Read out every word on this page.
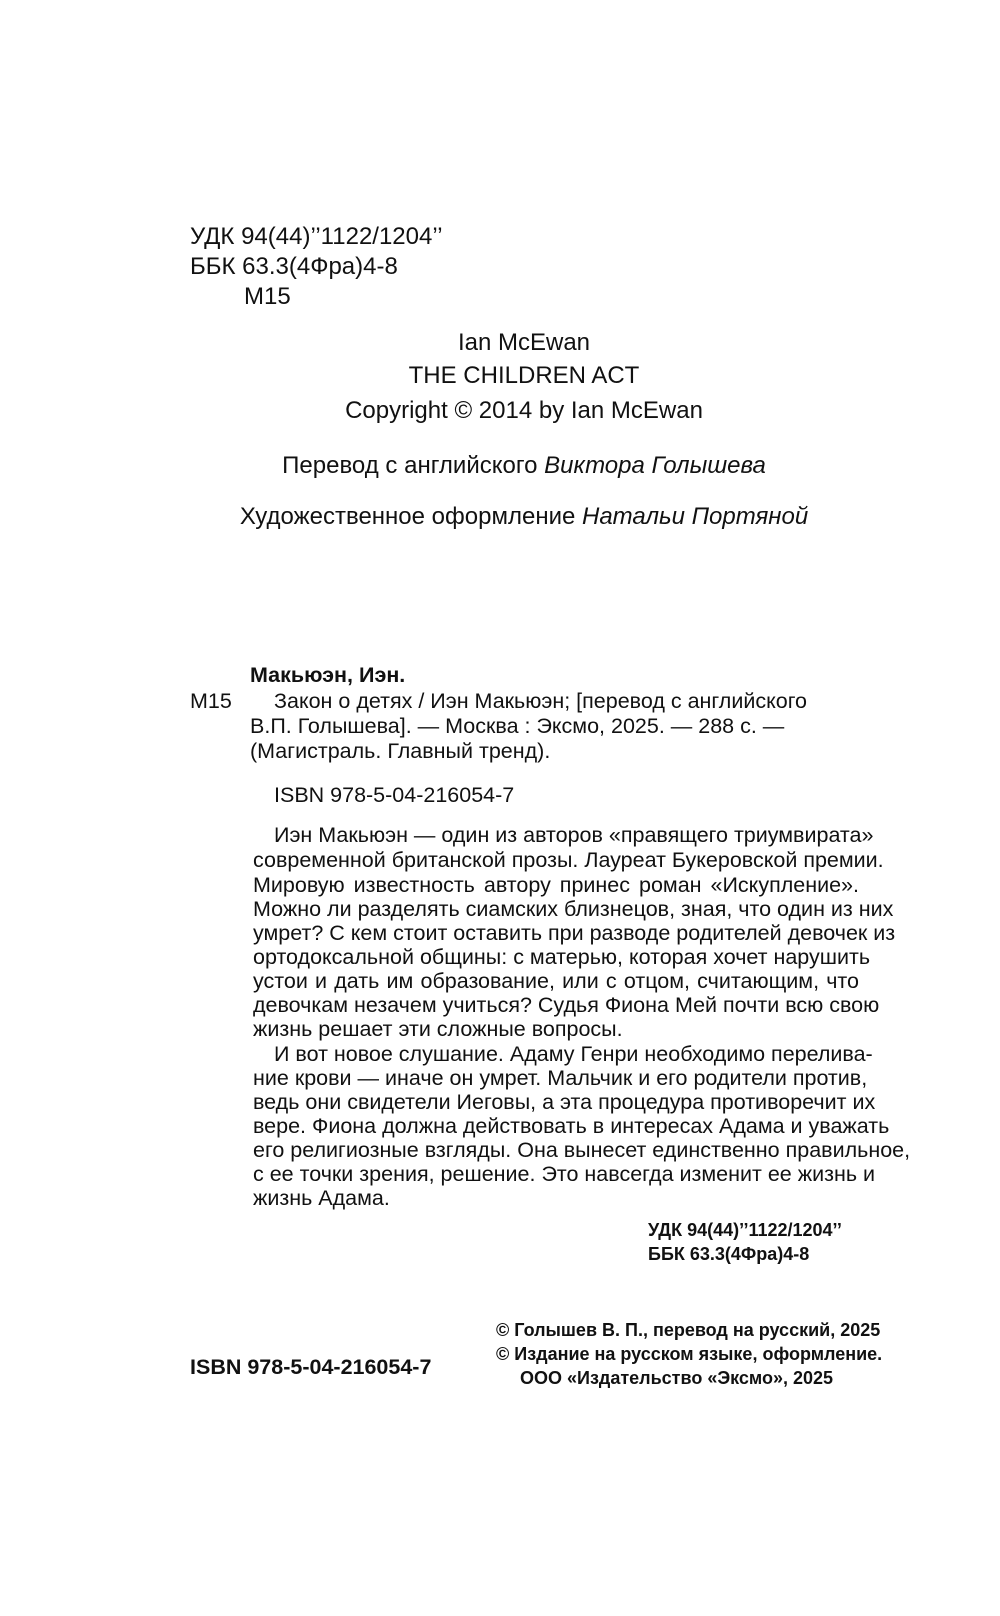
УДК 94(44)’’1122/1204’’
ББК 63.3(4Фра)4-8
М15
Ian McEwan
THE CHILDREN ACT
Copyright © 2014 by Ian McEwan
Перевод с английского Виктора Голышева
Художественное оформление Натальи Портяной
Макьюэн, Иэн.
М15 Закон о детях / Иэн Макьюэн; [перевод с английского
В.П. Голышева]. — Москва : Эксмо, 2025. — 288 с. —
(Магистраль. Главный тренд).
ISBN 978-5-04-216054-7
Иэн Макьюэн — один из авторов «правящего триумвирата»
современной британской прозы. Лауреат Букеровской премии.
Мировую известность автору принес роман «Искупление».
Можно ли разделять сиамских близнецов, зная, что один из них
умрет? С кем стоит оставить при разводе родителей девочек из
ортодоксальной общины: с матерью, которая хочет нарушить
устои и дать им образование, или с отцом, считающим, что
девочкам незачем учиться? Судья Фиона Мей почти всю свою
жизнь решает эти сложные вопросы.
И вот новое слушание. Адаму Генри необходимо перелива-
ние крови — иначе он умрет. Мальчик и его родители против,
ведь они свидетели Иеговы, а эта процедура противоречит их
вере. Фиона должна действовать в интересах Адама и уважать
его религиозные взгляды. Она вынесет единственно правильное,
с ее точки зрения, решение. Это навсегда изменит ее жизнь и
жизнь Адама.
УДК 94(44)’’1122/1204’’
ББК 63.3(4Фра)4-8
© Голышев В. П., перевод на русский, 2025
© Издание на русском языке, оформление.
ООО «Издательство «Эксмо», 2025
ISBN 978-5-04-216054-7
